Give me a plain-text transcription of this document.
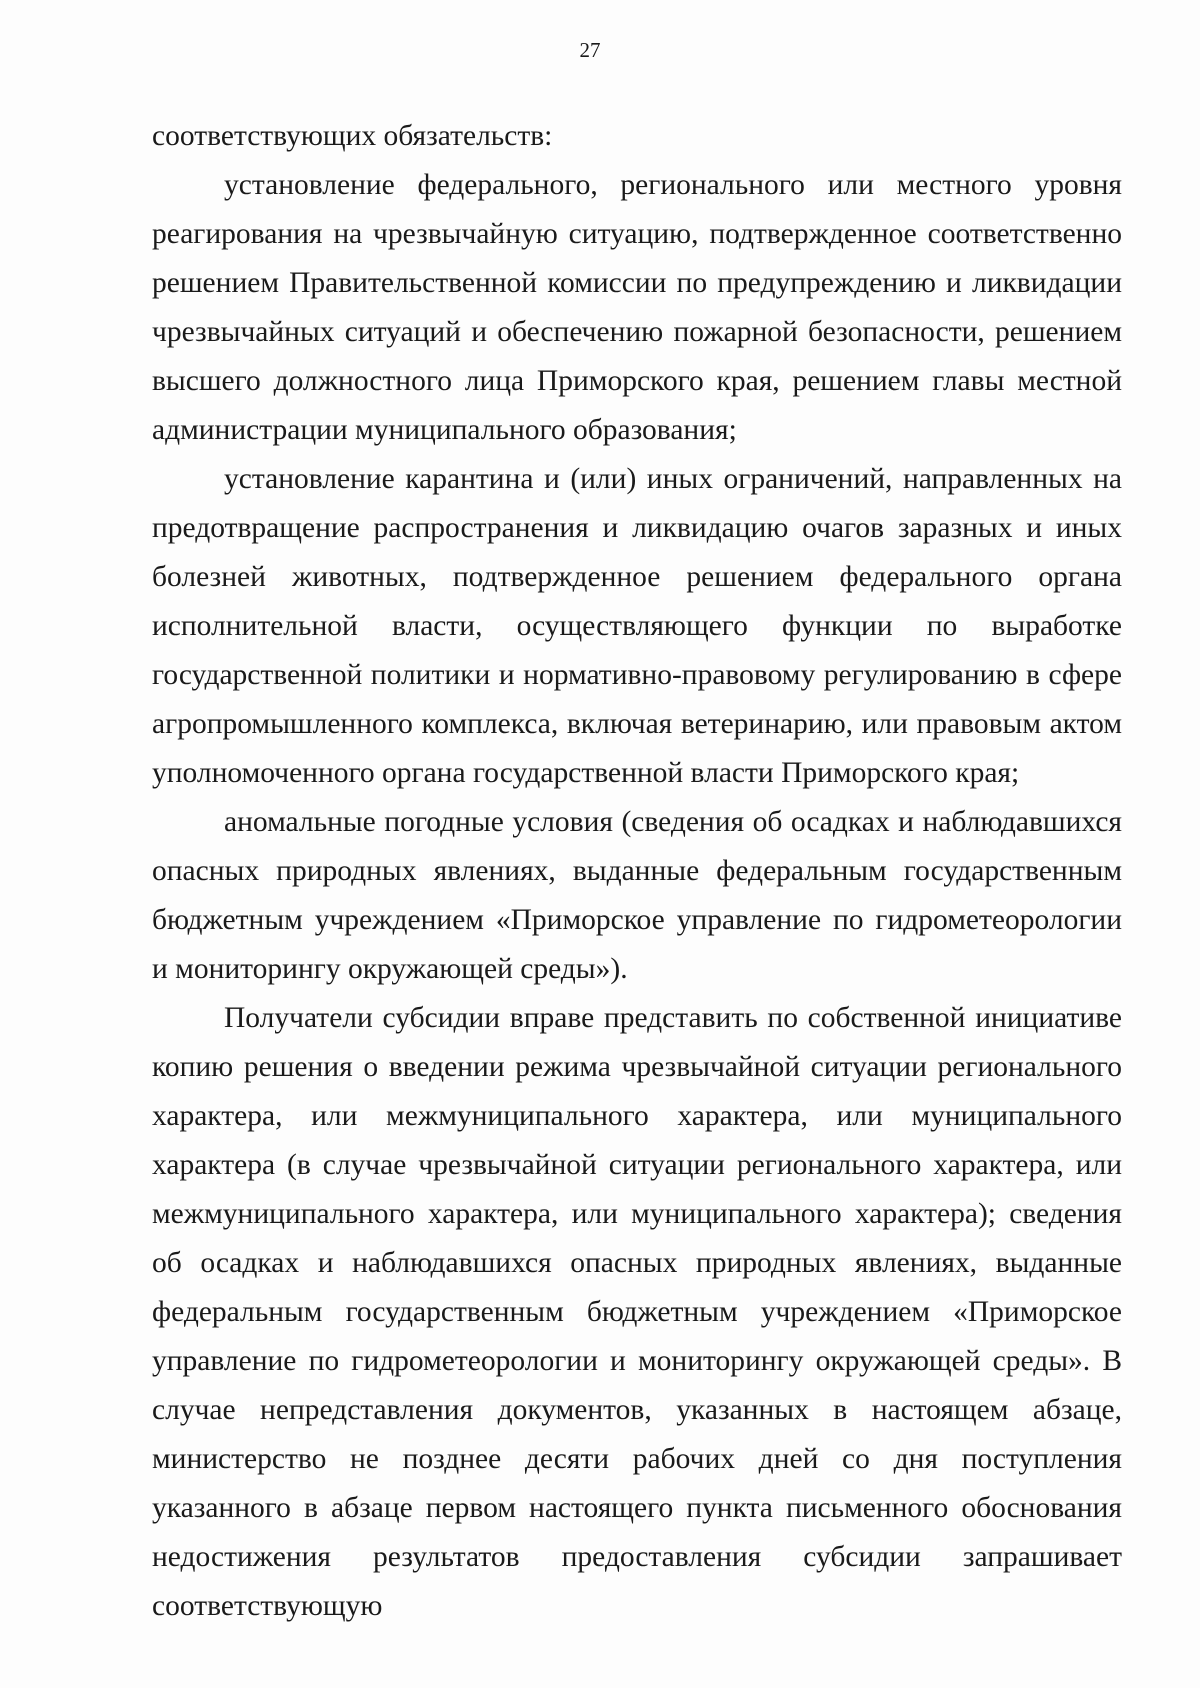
27

соответствующих обязательств:

установление федерального, регионального или местного уровня реагирования на чрезвычайную ситуацию, подтвержденное соответственно решением Правительственной комиссии по предупреждению и ликвидации чрезвычайных ситуаций и обеспечению пожарной безопасности, решением высшего должностного лица Приморского края, решением главы местной администрации муниципального образования;

установление карантина и (или) иных ограничений, направленных на предотвращение распространения и ликвидацию очагов заразных и иных болезней животных, подтвержденное решением федерального органа исполнительной власти, осуществляющего функции по выработке государственной политики и нормативно-правовому регулированию в сфере агропромышленного комплекса, включая ветеринарию, или правовым актом уполномоченного органа государственной власти Приморского края;

аномальные погодные условия (сведения об осадках и наблюдавшихся опасных природных явлениях, выданные федеральным государственным бюджетным учреждением «Приморское управление по гидрометеорологии и мониторингу окружающей среды»).

Получатели субсидии вправе представить по собственной инициативе копию решения о введении режима чрезвычайной ситуации регионального характера, или межмуниципального характера, или муниципального характера (в случае чрезвычайной ситуации регионального характера, или межмуниципального характера, или муниципального характера); сведения об осадках и наблюдавшихся опасных природных явлениях, выданные федеральным государственным бюджетным учреждением «Приморское управление по гидрометеорологии и мониторингу окружающей среды». В случае непредставления документов, указанных в настоящем абзаце, министерство не позднее десяти рабочих дней со дня поступления указанного в абзаце первом настоящего пункта письменного обоснования недостижения результатов предоставления субсидии запрашивает соответствующую
